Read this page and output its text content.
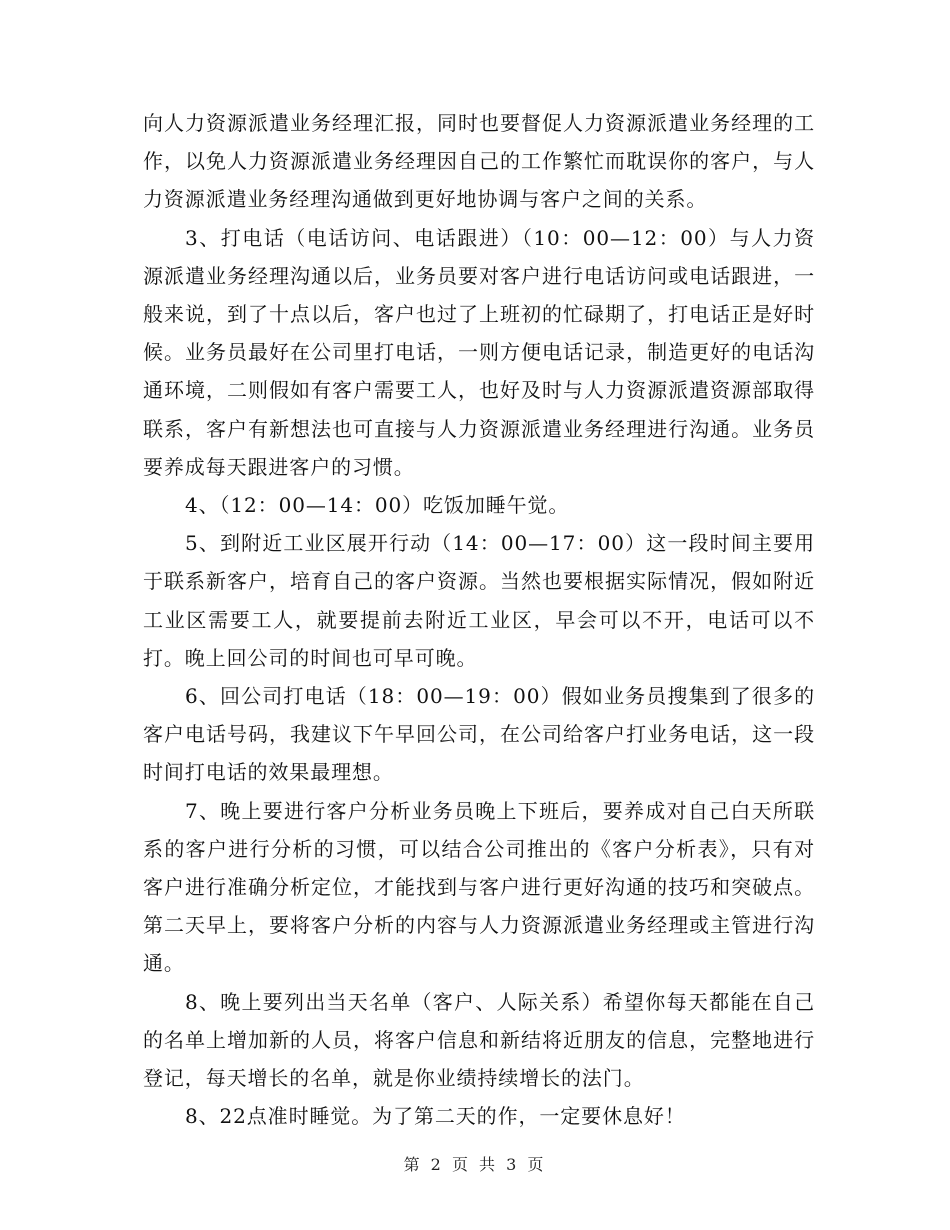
向人力资源派遣业务经理汇报，同时也要督促人力资源派遣业务经理的工作，以免人力资源派遣业务经理因自己的工作繁忙而耽误你的客户，与人力资源派遣业务经理沟通做到更好地协调与客户之间的关系。

3、打电话（电话访问、电话跟进）（10：00—12：00）与人力资源派遣业务经理沟通以后，业务员要对客户进行电话访问或电话跟进，一般来说，到了十点以后，客户也过了上班初的忙碌期了，打电话正是好时候。业务员最好在公司里打电话，一则方便电话记录，制造更好的电话沟通环境，二则假如有客户需要工人，也好及时与人力资源派遣资源部取得联系，客户有新想法也可直接与人力资源派遣业务经理进行沟通。业务员要养成每天跟进客户的习惯。

4、（12：00—14：00）吃饭加睡午觉。

5、到附近工业区展开行动（14：00—17：00）这一段时间主要用于联系新客户，培育自己的客户资源。当然也要根据实际情况，假如附近工业区需要工人，就要提前去附近工业区，早会可以不开，电话可以不打。晚上回公司的时间也可早可晚。

6、回公司打电话（18：00—19：00）假如业务员搜集到了很多的客户电话号码，我建议下午早回公司，在公司给客户打业务电话，这一段时间打电话的效果最理想。

7、晚上要进行客户分析业务员晚上下班后，要养成对自己白天所联系的客户进行分析的习惯，可以结合公司推出的《客户分析表》，只有对客户进行准确分析定位，才能找到与客户进行更好沟通的技巧和突破点。第二天早上，要将客户分析的内容与人力资源派遣业务经理或主管进行沟通。

8、晚上要列出当天名单（客户、人际关系）希望你每天都能在自己的名单上增加新的人员，将客户信息和新结将近朋友的信息，完整地进行登记，每天增长的名单，就是你业绩持续增长的法门。

8、22点准时睡觉。为了第二天的作，一定要休息好！

第 2 页 共 3 页
